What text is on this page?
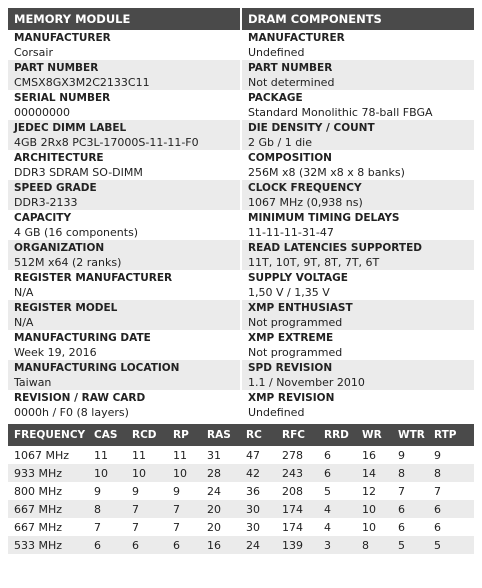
MEMORY MODULE
MANUFACTURER
Corsair
PART NUMBER
CMSX8GX3M2C2133C11
SERIAL NUMBER
00000000
JEDEC DIMM LABEL
4GB 2Rx8 PC3L-17000S-11-11-F0
ARCHITECTURE
DDR3 SDRAM SO-DIMM
SPEED GRADE
DDR3-2133
CAPACITY
4 GB (16 components)
ORGANIZATION
512M x64 (2 ranks)
REGISTER MANUFACTURER
N/A
REGISTER MODEL
N/A
MANUFACTURING DATE
Week 19, 2016
MANUFACTURING LOCATION
Taiwan
REVISION / RAW CARD
0000h / F0 (8 layers)
DRAM COMPONENTS
MANUFACTURER
Undefined
PART NUMBER
Not determined
PACKAGE
Standard Monolithic 78-ball FBGA
DIE DENSITY / COUNT
2 Gb / 1 die
COMPOSITION
256M x8 (32M x8 x 8 banks)
CLOCK FREQUENCY
1067 MHz (0,938 ns)
MINIMUM TIMING DELAYS
11-11-11-31-47
READ LATENCIES SUPPORTED
11T, 10T, 9T, 8T, 7T, 6T
SUPPLY VOLTAGE
1,50 V / 1,35 V
XMP ENTHUSIAST
Not programmed
XMP EXTREME
Not programmed
SPD REVISION
1.1 / November 2010
XMP REVISION
Undefined
FREQUENCY	CAS	RCD	RP	RAS	RC	RFC	RRD	WR	WTR	RTP
1067 MHz	11	11	11	31	47	278	6	16	9	9
933 MHz	10	10	10	28	42	243	6	14	8	8
800 MHz	9	9	9	24	36	208	5	12	7	7
667 MHz	8	7	7	20	30	174	4	10	6	6
667 MHz	7	7	7	20	30	174	4	10	6	6
533 MHz	6	6	6	16	24	139	3	8	5	5
